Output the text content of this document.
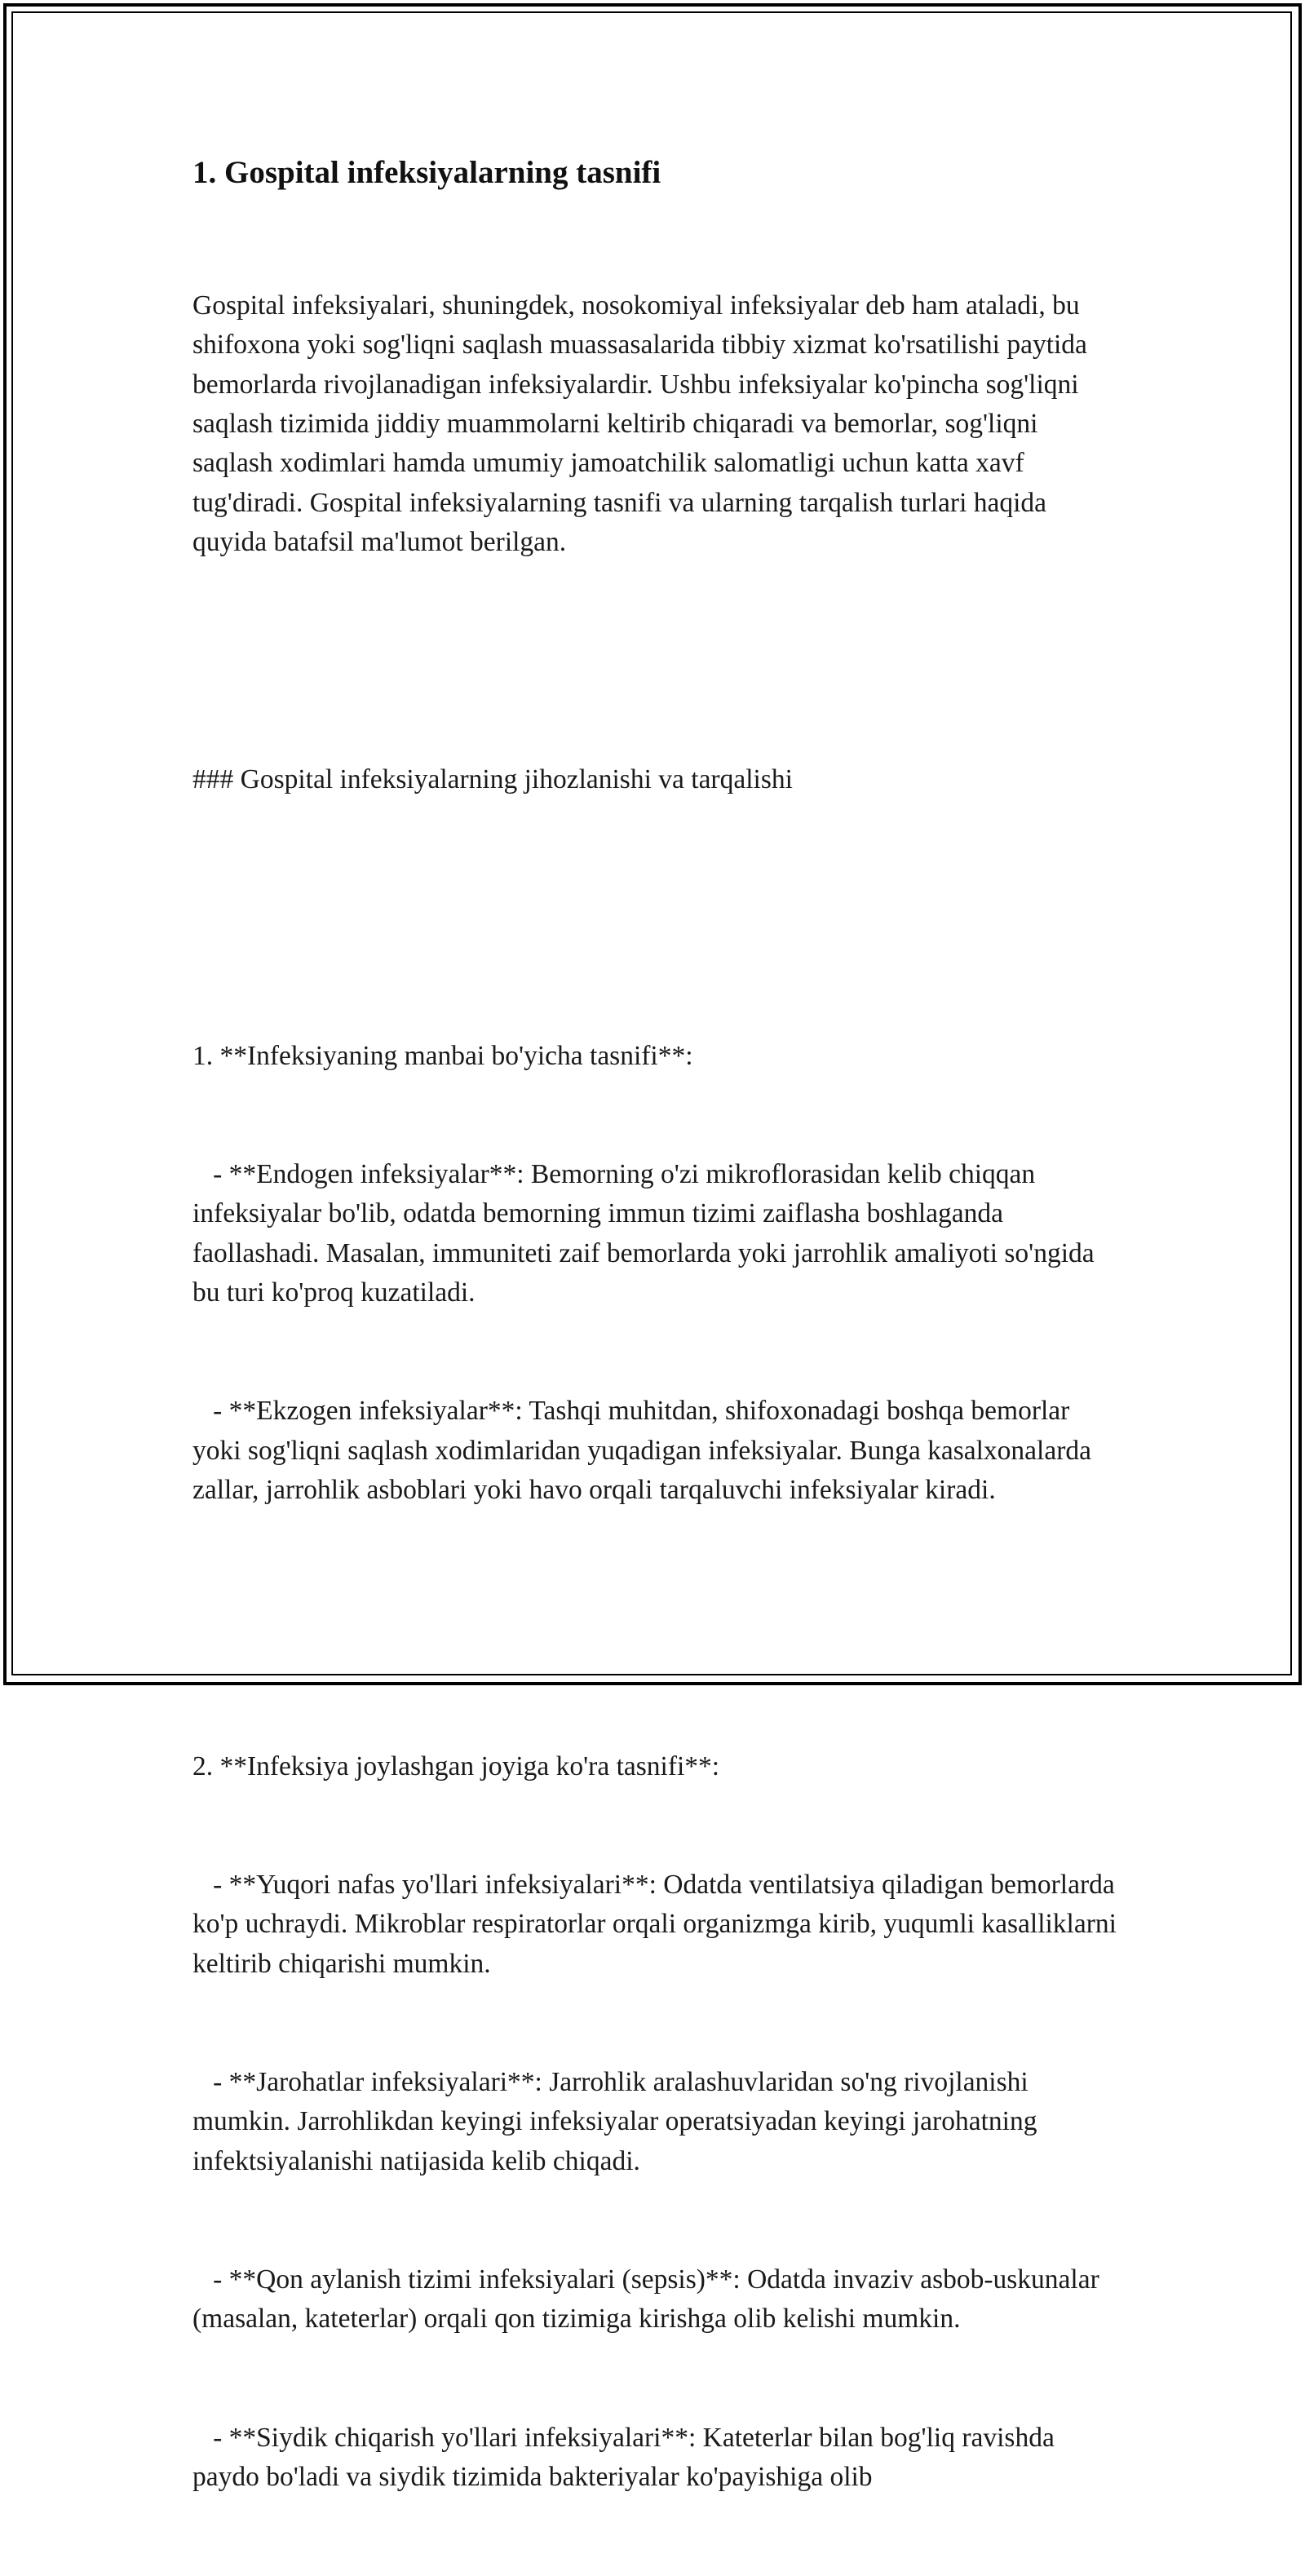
1. Gospital infeksiyalarning tasnifi

Gospital infeksiyalari, shuningdek, nosokomiyal infeksiyalar deb ham ataladi, bu shifoxona yoki sog'liqni saqlash muassasalarida tibbiy xizmat ko'rsatilishi paytida bemorlarda rivojlanadigan infeksiyalardir. Ushbu infeksiyalar ko'pincha sog'liqni saqlash tizimida jiddiy muammolarni keltirib chiqaradi va bemorlar, sog'liqni saqlash xodimlari hamda umumiy jamoatchilik salomatligi uchun katta xavf tug'diradi. Gospital infeksiyalarning tasnifi va ularning tarqalish turlari haqida quyida batafsil ma'lumot berilgan.

### Gospital infeksiyalarning jihozlanishi va tarqalishi

1. **Infeksiyaning manbai bo'yicha tasnifi**:

- **Endogen infeksiyalar**: Bemorning o'zi mikroflorasidan kelib chiqqan infeksiyalar bo'lib, odatda bemorning immun tizimi zaiflasha boshlaganda faollashadi. Masalan, immuniteti zaif bemorlarda yoki jarrohlik amaliyoti so'ngida bu turi ko'proq kuzatiladi.

- **Ekzogen infeksiyalar**: Tashqi muhitdan, shifoxonadagi boshqa bemorlar yoki sog'liqni saqlash xodimlaridan yuqadigan infeksiyalar. Bunga kasalxonalarda zallar, jarrohlik asboblari yoki havo orqali tarqaluvchi infeksiyalar kiradi.

2. **Infeksiya joylashgan joyiga ko'ra tasnifi**:

- **Yuqori nafas yo'llari infeksiyalari**: Odatda ventilatsiya qiladigan bemorlarda ko'p uchraydi. Mikroblar respiratorlar orqali organizmga kirib, yuqumli kasalliklarni keltirib chiqarishi mumkin.

- **Jarohatlar infeksiyalari**: Jarrohlik aralashuvlaridan so'ng rivojlanishi mumkin. Jarrohlikdan keyingi infeksiyalar operatsiyadan keyingi jarohatning infektsiyalanishi natijasida kelib chiqadi.

- **Qon aylanish tizimi infeksiyalari (sepsis)**: Odatda invaziv asbob-uskunalar (masalan, kateterlar) orqali qon tizimiga kirishga olib kelishi mumkin.

- **Siydik chiqarish yo'llari infeksiyalari**: Kateterlar bilan bog'liq ravishda paydo bo'ladi va siydik tizimida bakteriyalar ko'payishiga olib
